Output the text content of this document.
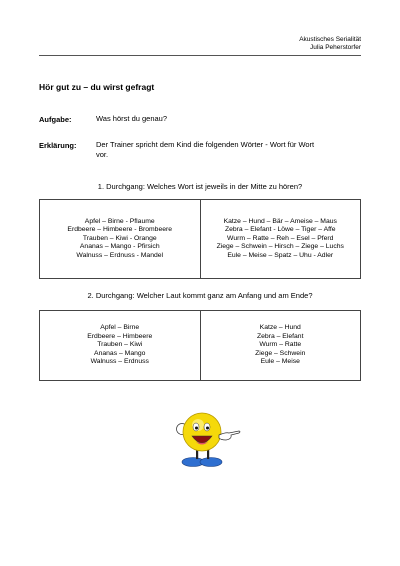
Akustisches Serialität
Julia Peherstorfer
Hör gut zu – du wirst gefragt
Aufgabe:	Was hörst du genau?
Erklärung:	Der Trainer spricht dem Kind die folgenden Wörter - Wort für Wort
vor.
1. Durchgang: Welches Wort ist jeweils in der Mitte zu hören?
Apfel – Birne - Pflaume
Erdbeere – Himbeere - Brombeere
Trauben – Kiwi - Orange
Ananas – Mango - Pfirsich
Walnuss – Erdnuss - Mandel

Katze – Hund – Bär – Ameise – Maus
Zebra – Elefant - Löwe – Tiger – Affe
Wurm – Ratte – Reh – Esel – Pferd
Ziege – Schwein – Hirsch – Ziege – Luchs
Eule – Meise – Spatz – Uhu - Adler
2. Durchgang: Welcher Laut kommt ganz am Anfang und am Ende?
Apfel – Birne
Erdbeere – Himbeere
Trauben – Kiwi
Ananas – Mango
Walnuss – Erdnuss

Katze – Hund
Zebra – Elefant
Wurm – Ratte
Ziege – Schwein
Eule – Meise
